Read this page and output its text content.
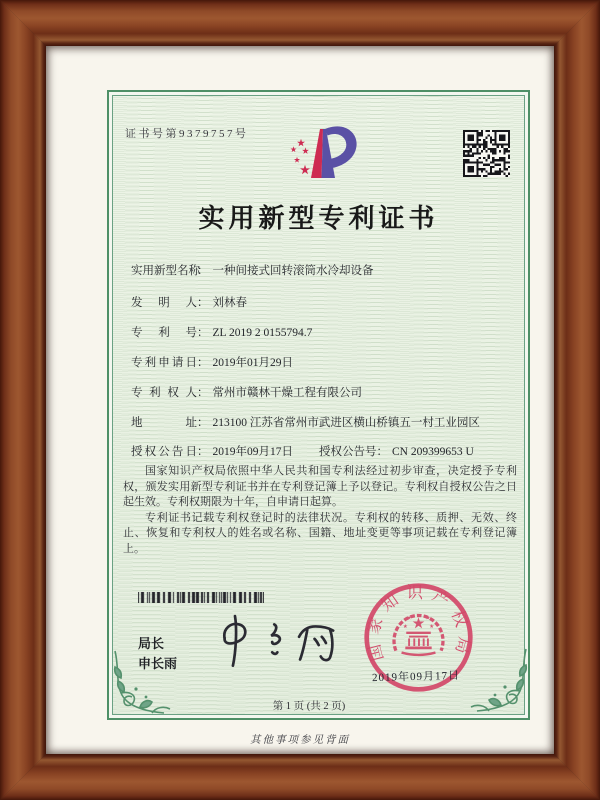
证书号第9379757号
实用新型专利证书
实用新型名称： 一种间接式回转滚筒水冷却设备
发明人： 刘林春
专利号： ZL 2019 2 0155794.7
专利申请日： 2019年01月29日
专利权人： 常州市赣林干燥工程有限公司
地址： 213100 江苏省常州市武进区横山桥镇五一村工业园区
授权公告日： 2019年09月17日 授权公告号： CN 209399653 U

国家知识产权局依照中华人民共和国专利法经过初步审查，决定授予专利权，颁发实用新型专利证书并在专利登记簿上予以登记。专利权自授权公告之日起生效。专利权期限为十年，自申请日起算。

专利证书记载专利权登记时的法律状况。专利权的转移、质押、无效、终止、恢复和专利权人的姓名或名称、国籍、地址变更等事项记载在专利登记簿上。

局长
申长雨
国家知识产权局
2019年09月17日
第 1 页 (共 2 页)
其他事项参见背面
